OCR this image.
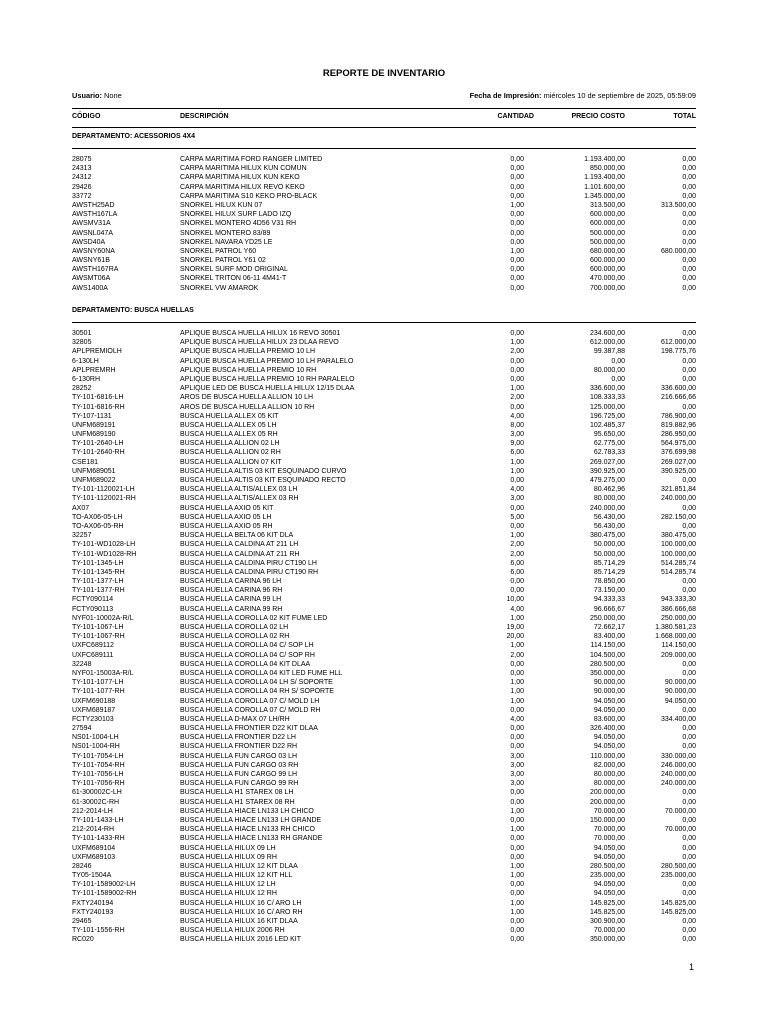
REPORTE DE INVENTARIO
Usuario: None	Fecha de Impresión: miércoles 10 de septiembre de 2025, 05:59:09
CÓDIGO	DESCRIPCIÓN	CANTIDAD	PRECIO COSTO	TOTAL
DEPARTAMENTO: ACESSORIOS 4X4
28075	CARPA MARITIMA FORD RANGER LIMITED	0,00	1.193.400,00	0,00
24313	CARPA MARITIMA HILUX KUN COMUN	0,00	850.000,00	0,00
24312	CARPA MARITIMA HILUX KUN KEKO	0,00	1.193.400,00	0,00
29426	CARPA MARITIMA HILUX REVO KEKO	0,00	1.101.600,00	0,00
33772	CARPA MARITIMA S10 KEKO PRO-BLACK	0,00	1.345.000,00	0,00
AWSTH25AD	SNORKEL HILUX KUN 07	1,00	313.500,00	313.500,00
AWSTH167LA	SNORKEL HILUX SURF LADO IZQ	0,00	600.000,00	0,00
AWSMV31A	SNORKEL MONTERO 4D56 V31 RH	0,00	600.000,00	0,00
AWSNL047A	SNORKEL MONTERO 83/89	0,00	500.000,00	0,00
AWSD40A	SNORKEL NAVARA YD25 LE	0,00	500.000,00	0,00
AWSNY60NA	SNORKEL PATROL Y60	1,00	680.000,00	680.000,00
AWSNY61B	SNORKEL PATROL Y61 02	0,00	600.000,00	0,00
AWSTH167RA	SNORKEL SURF MOD ORIGINAL	0,00	600.000,00	0,00
AWSMT06A	SNORKEL TRITON 06-11 4M41-T	0,00	470.000,00	0,00
AWS1400A	SNORKEL VW AMAROK	0,00	700.000,00	0,00
DEPARTAMENTO: BUSCA HUELLAS
30501	APLIQUE BUSCA HUELLA HILUX 16 REVO 30501	0,00	234.600,00	0,00
32805	APLIQUE BUSCA HUELLA HILUX 23 DLAA REVO	1,00	612.000,00	612.000,00
APLPREMIOLH	APLIQUE BUSCA HUELLA PREMIO 10 LH	2,00	99.387,88	198.775,76
6-130LH	APLIQUE BUSCA HUELLA PREMIO 10 LH PARALELO	0,00	0,00	0,00
APLPREMRH	APLIQUE BUSCA HUELLA PREMIO 10 RH	0,00	80.000,00	0,00
6-130RH	APLIQUE BUSCA HUELLA PREMIO 10 RH PARALELO	0,00	0,00	0,00
28252	APLIQUE LED DE BUSCA HUELLA HILUX 12/15 DLAA	1,00	336.600,00	336.600,00
TY-101-6816-LH	AROS DE BUSCA HUELLA ALLION 10 LH	2,00	108.333,33	216.666,66
TY-101-6816-RH	AROS DE BUSCA HUELLA ALLION 10 RH	0,00	125.000,00	0,00
TY-107-1131	BUSCA HUELLA ALLEX 05 KIT	4,00	196.725,00	786.900,00
UNFM689191	BUSCA HUELLA ALLEX 05 LH	8,00	102.485,37	819.882,96
UNFM689190	BUSCA HUELLA ALLEX 05 RH	3,00	95.650,00	286.950,00
TY-101-2640-LH	BUSCA HUELLA ALLION 02 LH	9,00	62.775,00	564.975,00
TY-101-2640-RH	BUSCA HUELLA ALLION 02 RH	6,00	62.783,33	376.699,98
CSE181	BUSCA HUELLA ALLION 07 KIT	1,00	269.027,00	269.027,00
UNFM689051	BUSCA HUELLA ALTIS 03 KIT ESQUINADO CURVO	1,00	390.925,00	390.925,00
UNFM689022	BUSCA HUELLA ALTIS 03 KIT ESQUINADO RECTO	0,00	479.275,00	0,00
TY-101-1120021-LH	BUSCA HUELLA ALTIS/ALLEX 03 LH	4,00	80.462,96	321.851,84
TY-101-1120021-RH	BUSCA HUELLA ALTIS/ALLEX 03 RH	3,00	80.000,00	240.000,00
AX07	BUSCA HUELLA AXIO 05 KIT	0,00	240.000,00	0,00
TO-AX06-05-LH	BUSCA HUELLA AXIO 05 LH	5,00	56.430,00	282.150,00
TO-AX06-05-RH	BUSCA HUELLA AXIO 05 RH	0,00	56.430,00	0,00
32257	BUSCA HUELLA BELTA 06 KIT DLA	1,00	380.475,00	380.475,00
TY-101-WD1028-LH	BUSCA HUELLA CALDINA AT 211 LH	2,00	50.000,00	100.000,00
TY-101-WD1028-RH	BUSCA HUELLA CALDINA AT 211 RH	2,00	50.000,00	100.000,00
TY-101-1345-LH	BUSCA HUELLA CALDINA PIRU CT190 LH	6,00	85.714,29	514.285,74
TY-101-1345-RH	BUSCA HUELLA CALDINA PIRU CT190 RH	6,00	85.714,29	514.285,74
TY-101-1377-LH	BUSCA HUELLA CARINA 96 LH	0,00	78.850,00	0,00
TY-101-1377-RH	BUSCA HUELLA CARINA 96 RH	0,00	73.150,00	0,00
FCTY090114	BUSCA HUELLA CARINA 99 LH	10,00	94.333,33	943.333,30
FCTY090113	BUSCA HUELLA CARINA 99 RH	4,00	96.666,67	386.666,68
NYF01-10002A-R/L	BUSCA HUELLA COROLLA 02 KIT FUME LED	1,00	250.000,00	250.000,00
TY-101-1067-LH	BUSCA HUELLA COROLLA 02 LH	19,00	72.662,17	1.380.581,23
TY-101-1067-RH	BUSCA HUELLA COROLLA 02 RH	20,00	83.400,00	1.668.000,00
UXFC689112	BUSCA HUELLA COROLLA 04 C/ SOP LH	1,00	114.150,00	114.150,00
UXFC689111	BUSCA HUELLA COROLLA 04 C/ SOP RH	2,00	104.500,00	209.000,00
32248	BUSCA HUELLA COROLLA 04 KIT DLAA	0,00	280.500,00	0,00
NYF01-15003A-R/L	BUSCA HUELLA COROLLA 04 KIT LED FUME HLL	0,00	350.000,00	0,00
TY-101-1077-LH	BUSCA HUELLA COROLLA 04 LH S/ SOPORTE	1,00	90.000,00	90.000,00
TY-101-1077-RH	BUSCA HUELLA COROLLA 04 RH S/ SOPORTE	1,00	90.000,00	90.000,00
UXFM690188	BUSCA HUELLA COROLLA 07 C/ MOLD LH	1,00	94.050,00	94.050,00
UXFM689187	BUSCA HUELLA COROLLA 07 C/ MOLD RH	0,00	94.050,00	0,00
FCTY230103	BUSCA HUELLA D-MAX 07 LH/RH	4,00	83.600,00	334.400,00
27594	BUSCA HUELLA FRONTIER D22 KIT DLAA	0,00	326.400,00	0,00
NS01-1004-LH	BUSCA HUELLA FRONTIER D22 LH	0,00	94.050,00	0,00
NS01-1004-RH	BUSCA HUELLA FRONTIER D22 RH	0,00	94.050,00	0,00
TY-101-7054-LH	BUSCA HUELLA FUN CARGO 03 LH	3,00	110.000,00	330.000,00
TY-101-7054-RH	BUSCA HUELLA FUN CARGO 03 RH	3,00	82.000,00	246.000,00
TY-101-7056-LH	BUSCA HUELLA FUN CARGO 99 LH	3,00	80.000,00	240.000,00
TY-101-7056-RH	BUSCA HUELLA FUN CARGO 99 RH	3,00	80.000,00	240.000,00
61-300002C-LH	BUSCA HUELLA H1 STAREX 08 LH	0,00	200.000,00	0,00
61-30002C-RH	BUSCA HUELLA H1 STAREX 08 RH	0,00	200.000,00	0,00
212-2014-LH	BUSCA HUELLA HIACE LN133 LH CHICO	1,00	70.000,00	70.000,00
TY-101-1433-LH	BUSCA HUELLA HIACE LN133 LH GRANDE	0,00	150.000,00	0,00
212-2014-RH	BUSCA HUELLA HIACE LN133 RH CHICO	1,00	70.000,00	70.000,00
TY-101-1433-RH	BUSCA HUELLA HIACE LN133 RH GRANDE	0,00	70.000,00	0,00
UXFM689104	BUSCA HUELLA HILUX 09 LH	0,00	94.050,00	0,00
UXFM689103	BUSCA HUELLA HILUX 09 RH	0,00	94.050,00	0,00
28246	BUSCA HUELLA HILUX 12 KIT DLAA	1,00	280.500,00	280.500,00
TY05-1504A	BUSCA HUELLA HILUX 12 KIT HLL	1,00	235.000,00	235.000,00
TY-101-1589002-LH	BUSCA HUELLA HILUX 12 LH	0,00	94.050,00	0,00
TY-101-1589002-RH	BUSCA HUELLA HILUX 12 RH	0,00	94.050,00	0,00
FXTY240194	BUSCA HUELLA HILUX 16 C/ ARO LH	1,00	145.825,00	145.825,00
FXTY240193	BUSCA HUELLA HILUX 16 C/ ARO RH	1,00	145.825,00	145.825,00
29465	BUSCA HUELLA HILUX 16 KIT DLAA	0,00	300.900,00	0,00
TY-101-1556-RH	BUSCA HUELLA HILUX 2006 RH	0,00	70.000,00	0,00
RC020	BUSCA HUELLA HILUX 2016 LED KIT	0,00	350.000,00	0,00
1
